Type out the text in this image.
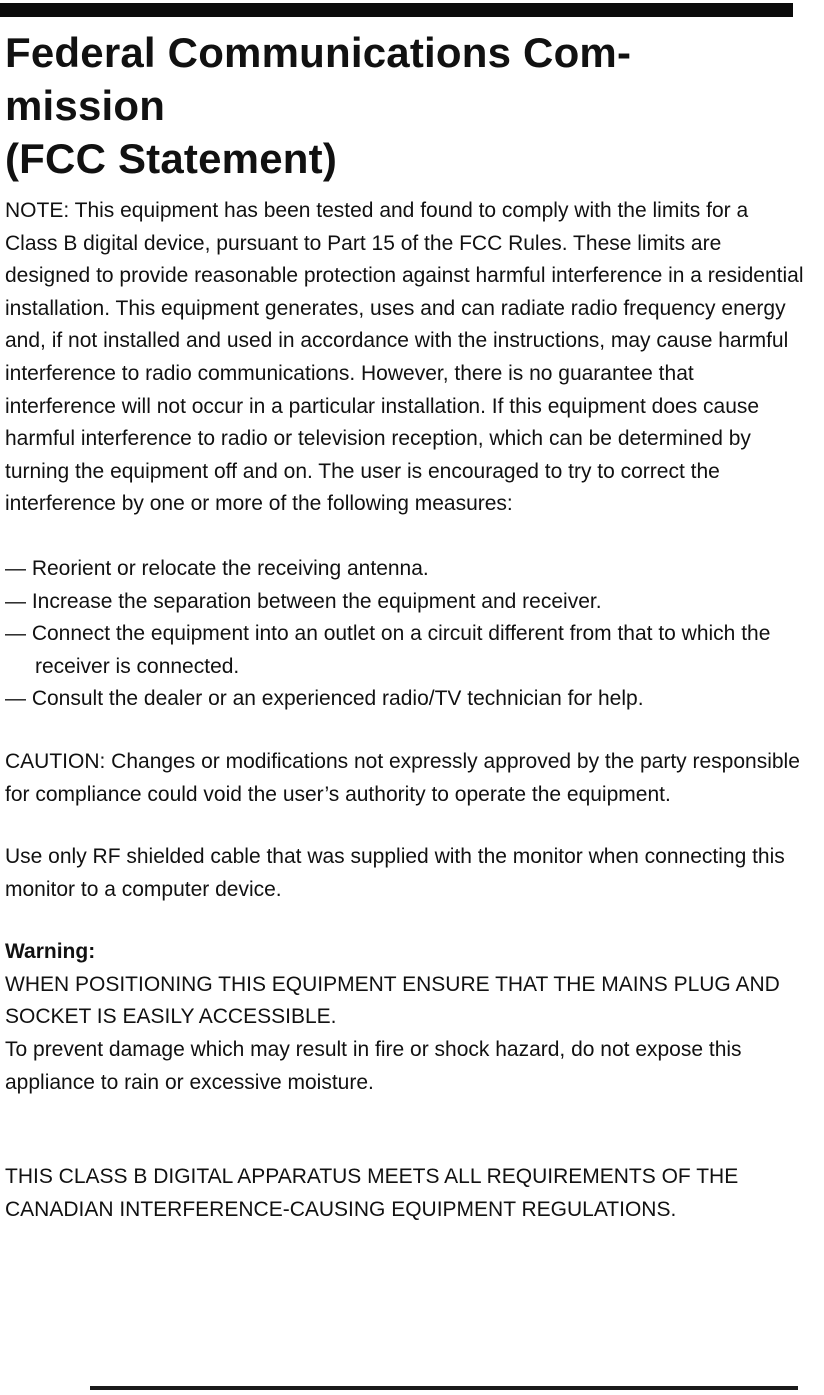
Federal Communications Com-
mission
(FCC Statement)

NOTE: This equipment has been tested and found to comply with the limits for a Class B digital device, pursuant to Part 15 of the FCC Rules. These limits are designed to provide reasonable protection against harmful interference in a residential installation. This equipment generates, uses and can radiate radio frequency energy and, if not installed and used in accordance with the instructions, may cause harmful interference to radio communications. However, there is no guarantee that interference will not occur in a particular installation. If this equipment does cause harmful interference to radio or television reception, which can be determined by turning the equipment off and on. The user is encouraged to try to correct the interference by one or more of the following measures:

— Reorient or relocate the receiving antenna.
— Increase the separation between the equipment and receiver.
— Connect the equipment into an outlet on a circuit different from that to which the receiver is connected.
— Consult the dealer or an experienced radio/TV technician for help.

CAUTION: Changes or modifications not expressly approved by the party responsible for compliance could void the user’s authority to operate the equipment.

Use only RF shielded cable that was supplied with the monitor when connecting this monitor to a computer device.

Warning:

WHEN POSITIONING THIS EQUIPMENT ENSURE THAT THE MAINS PLUG AND SOCKET IS EASILY ACCESSIBLE.

To prevent damage which may result in fire or shock hazard, do not expose this appliance to rain or excessive moisture.

THIS CLASS B DIGITAL APPARATUS MEETS ALL REQUIREMENTS OF THE CANADIAN INTERFERENCE-CAUSING EQUIPMENT REGULATIONS.
